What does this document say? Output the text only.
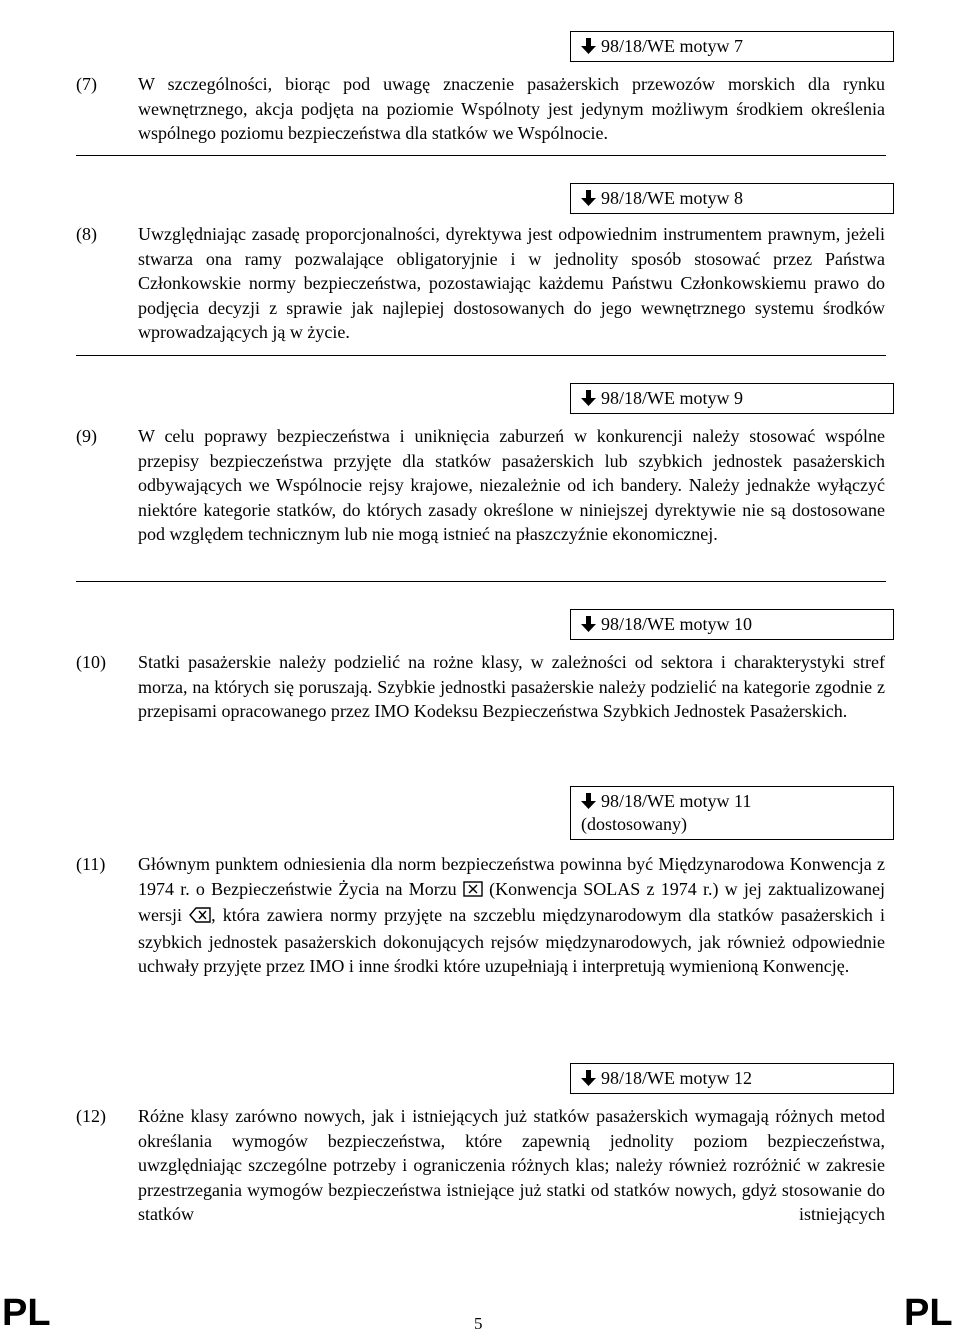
98/18/WE motyw 7
(7) W szczególności, biorąc pod uwagę znaczenie pasażerskich przewozów morskich dla rynku wewnętrznego, akcja podjęta na poziomie Wspólnoty jest jedynym możliwym środkiem określenia wspólnego poziomu bezpieczeństwa dla statków we Wspólnocie.
98/18/WE motyw 8
(8) Uwzględniając zasadę proporcjonalności, dyrektywa jest odpowiednim instrumentem prawnym, jeżeli stwarza ona ramy pozwalające obligatoryjnie i w jednolity sposób stosować przez Państwa Członkowskie normy bezpieczeństwa, pozostawiając każdemu Państwu Członkowskiemu prawo do podjęcia decyzji z sprawie jak najlepiej dostosowanych do jego wewnętrznego systemu środków wprowadzających ją w życie.
98/18/WE motyw 9
(9) W celu poprawy bezpieczeństwa i uniknięcia zaburzeń w konkurencji należy stosować wspólne przepisy bezpieczeństwa przyjęte dla statków pasażerskich lub szybkich jednostek pasażerskich odbywających we Wspólnocie rejsy krajowe, niezależnie od ich bandery. Należy jednakże wyłączyć niektóre kategorie statków, do których zasady określone w niniejszej dyrektywie nie są dostosowane pod względem technicznym lub nie mogą istnieć na płaszczyźnie ekonomicznej.
98/18/WE motyw 10
(10) Statki pasażerskie należy podzielić na rożne klasy, w zależności od sektora i charakterystyki stref morza, na których się poruszają. Szybkie jednostki pasażerskie należy podzielić na kategorie zgodnie z przepisami opracowanego przez IMO Kodeksu Bezpieczeństwa Szybkich Jednostek Pasażerskich.
98/18/WE motyw 11
(dostosowany)
(11) Głównym punktem odniesienia dla norm bezpieczeństwa powinna być Międzynarodowa Konwencja z 1974 r. o Bezpieczeństwie Życia na Morzu (Konwencja SOLAS z 1974 r.) w jej zaktualizowanej wersji , która zawiera normy przyjęte na szczeblu międzynarodowym dla statków pasażerskich i szybkich jednostek pasażerskich dokonujących rejsów międzynarodowych, jak również odpowiednie uchwały przyjęte przez IMO i inne środki które uzupełniają i interpretują wymienioną Konwencję.
98/18/WE motyw 12
(12) Różne klasy zarówno nowych, jak i istniejących już statków pasażerskich wymagają różnych metod określania wymogów bezpieczeństwa, które zapewnią jednolity poziom bezpieczeństwa, uwzględniając szczególne potrzeby i ograniczenia różnych klas; należy również rozróżnić w zakresie przestrzegania wymogów bezpieczeństwa istniejące już statki od statków nowych, gdyż stosowanie do statków istniejących
PL	5	PL
